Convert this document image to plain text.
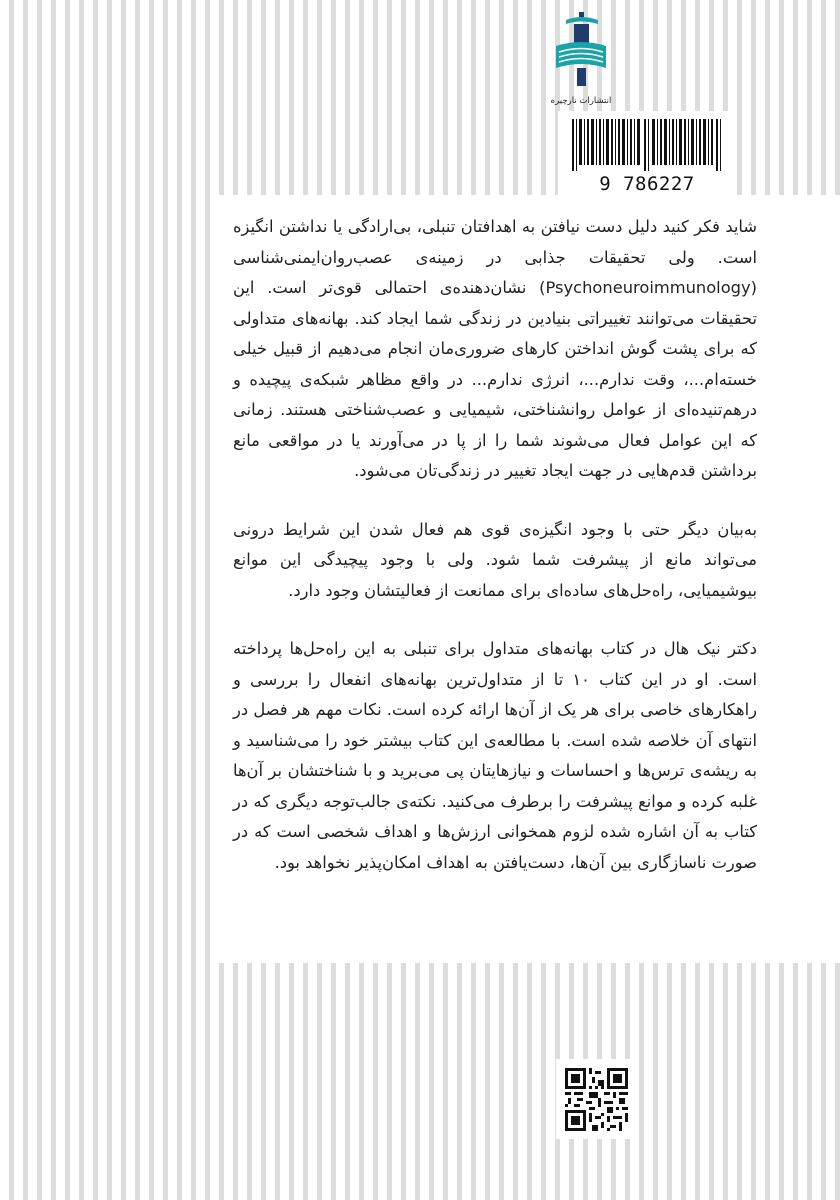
انتشارات نارچیره
9 786227

شاید فکر کنید دلیل دست نیافتن به اهدافتان تنبلی، بی‌ارادگی یا نداشتن انگیزه است. ولی تحقیقات جذابی در زمینه‌ی عصب‌روان‌ایمنی‌شناسی (Psychoneuroimmunology) نشان‌دهنده‌ی احتمالی قوی‌تر است. این تحقیقات می‌توانند تغییراتی بنیادین در زندگی شما ایجاد کند. بهانه‌های متداولی که برای پشت گوش انداختن کارهای ضروری‌مان انجام می‌دهیم از قبیل خیلی خسته‌ام...، وقت ندارم...، انرژی ندارم... در واقع مظاهر شبکه‌ی پیچیده‌ و درهم‌تنیده‌ای از عوامل روانشناختی، شیمیایی و عصب‌شناختی هستند. زمانی که این عوامل فعال می‌شوند شما را از پا در می‌آورند یا در مواقعی مانع برداشتن قدم‌هایی در جهت ایجاد تغییر در زندگی‌تان می‌شود.

به‌بیان دیگر حتی با وجود انگیزه‌ی قوی هم فعال شدن این شرایط درونی می‌تواند مانع از پیشرفت شما شود. ولی با وجود پیچیدگی این موانع بیوشیمیایی، راه‌حل‌های ساده‌ای برای ممانعت از فعالیتشان وجود دارد.

دکتر نیک هال در کتاب بهانه‌های متداول برای تنبلی به این راه‌حل‌ها پرداخته است. او در این کتاب ۱۰ تا از متداول‌ترین بهانه‌های انفعال را بررسی و راهکارهای خاصی برای هر یک از آن‌ها ارائه کرده است. نکات مهم هر فصل در انتهای آن خلاصه شده است. با مطالعه‌ی این کتاب بیشتر خود را می‌شناسید و به ریشه‌ی ترس‌ها و احساسات و نیازهایتان پی می‌برید و با شناختشان بر آن‌ها غلبه کرده و موانع پیشرفت را برطرف می‌کنید. نکته‌ی جالب‌توجه دیگری که در کتاب به آن اشاره شده لزوم همخوانی ارزش‌ها و اهداف شخصی است که در صورت ناسازگاری بین آن‌ها، دست‌یافتن به اهداف امکان‌پذیر نخواهد بود.
